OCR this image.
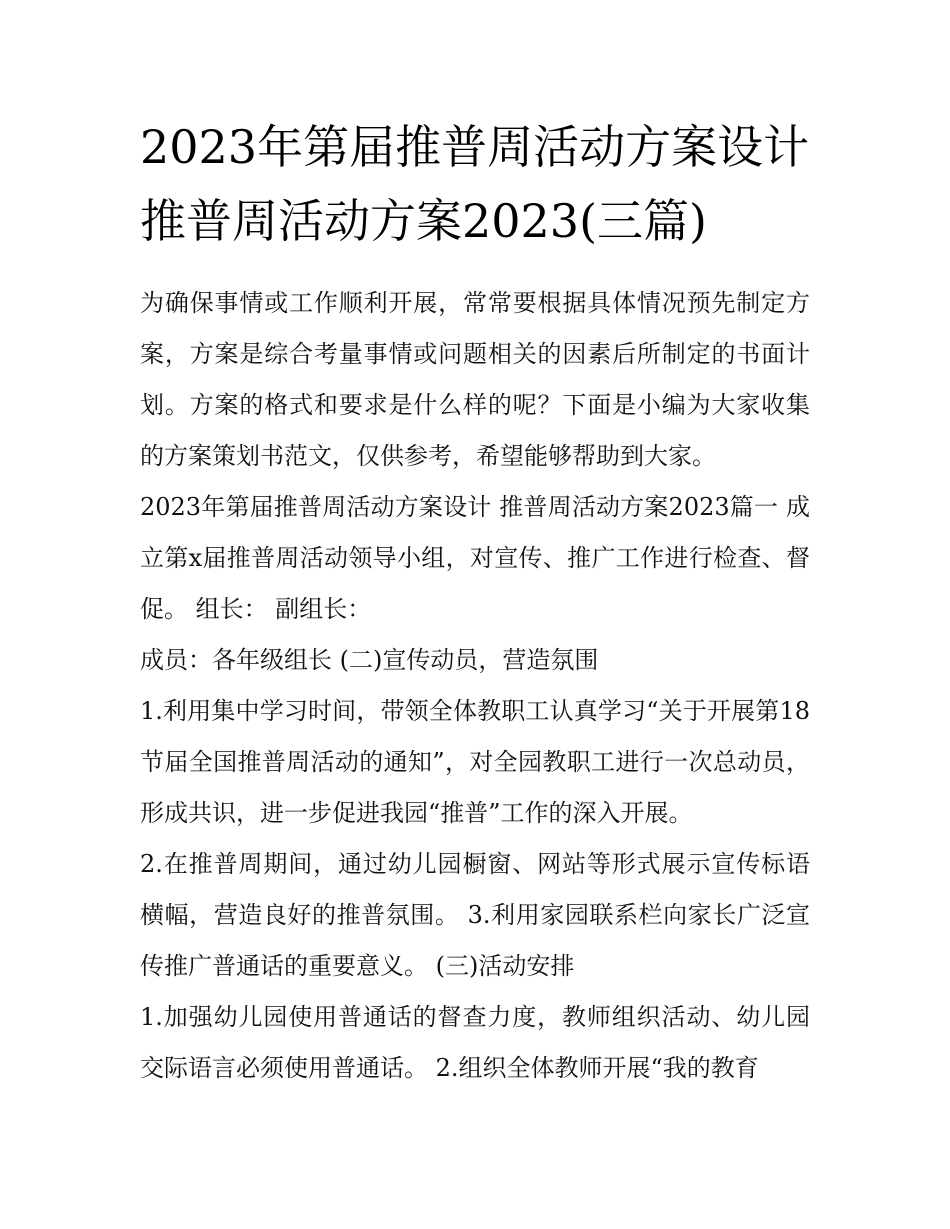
2023年第届推普周活动方案设计 推普周活动方案2023(三篇)

为确保事情或工作顺利开展，常常要根据具体情况预先制定方案，方案是综合考量事情或问题相关的因素后所制定的书面计划。方案的格式和要求是什么样的呢？下面是小编为大家收集的方案策划书范文，仅供参考，希望能够帮助到大家。

2023年第届推普周活动方案设计 推普周活动方案2023篇一 成立第x届推普周活动领导小组，对宣传、推广工作进行检查、督促。 组长： 副组长：

成员：各年级组长 (二)宣传动员，营造氛围

1.利用集中学习时间，带领全体教职工认真学习“关于开展第18节届全国推普周活动的通知”，对全园教职工进行一次总动员，形成共识，进一步促进我园“推普”工作的深入开展。

2.在推普周期间，通过幼儿园橱窗、网站等形式展示宣传标语横幅，营造良好的推普氛围。 3.利用家园联系栏向家长广泛宣传推广普通话的重要意义。 (三)活动安排

1.加强幼儿园使用普通话的督查力度，教师组织活动、幼儿园交际语言必须使用普通话。 2.组织全体教师开展“我的教育
